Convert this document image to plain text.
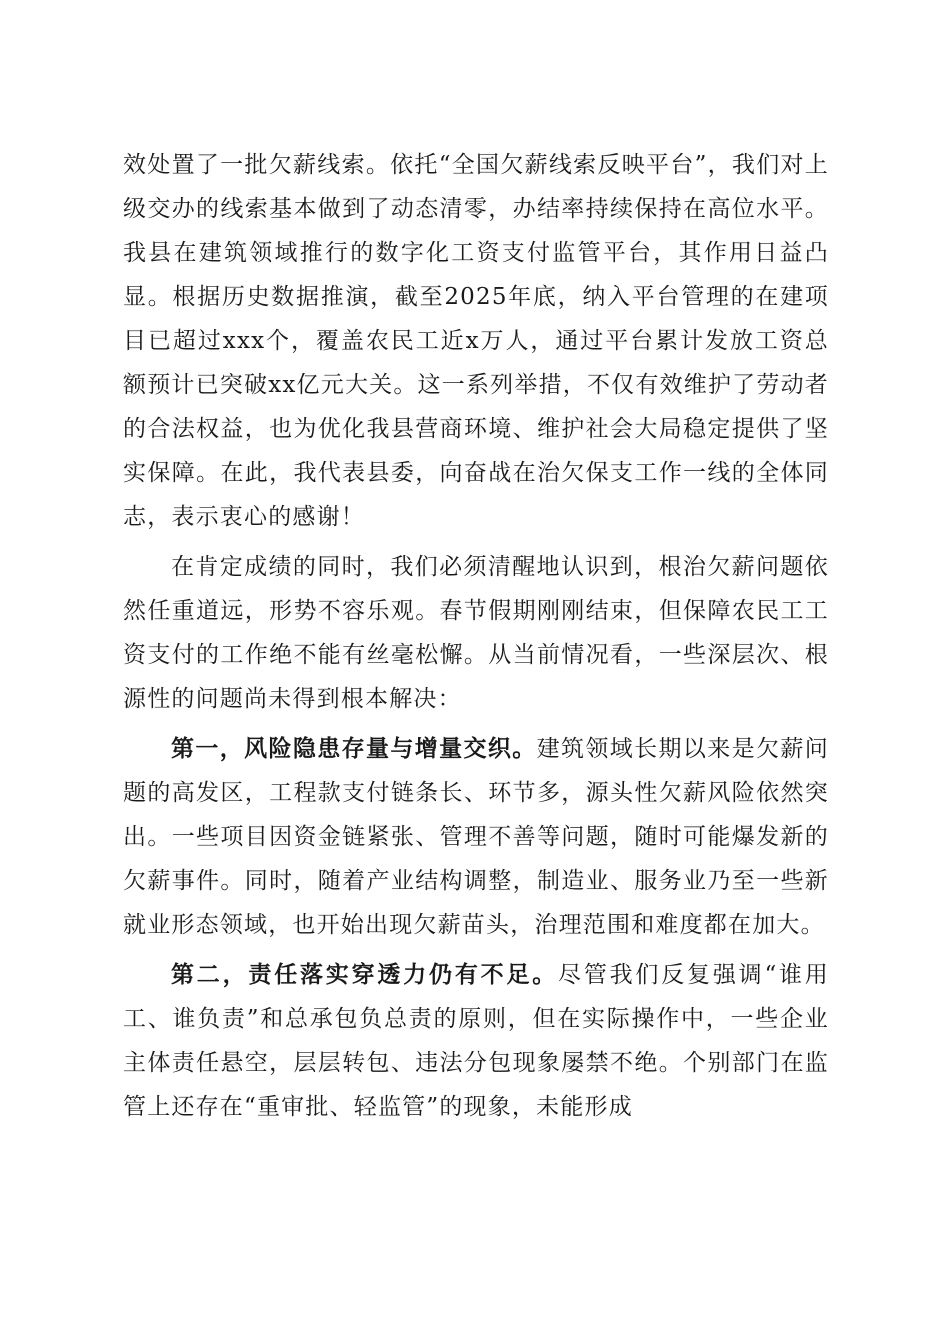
效处置了一批欠薪线索。依托“全国欠薪线索反映平台”，我们对上级交办的线索基本做到了动态清零，办结率持续保持在高位水平。我县在建筑领域推行的数字化工资支付监管平台，其作用日益凸显。根据历史数据推演，截至2025年底，纳入平台管理的在建项目已超过xxx个，覆盖农民工近x万人，通过平台累计发放工资总额预计已突破xx亿元大关。这一系列举措，不仅有效维护了劳动者的合法权益，也为优化我县营商环境、维护社会大局稳定提供了坚实保障。在此，我代表县委，向奋战在治欠保支工作一线的全体同志，表示衷心的感谢！

在肯定成绩的同时，我们必须清醒地认识到，根治欠薪问题依然任重道远，形势不容乐观。春节假期刚刚结束，但保障农民工工资支付的工作绝不能有丝毫松懈。从当前情况看，一些深层次、根源性的问题尚未得到根本解决：

第一，风险隐患存量与增量交织。建筑领域长期以来是欠薪问题的高发区，工程款支付链条长、环节多，源头性欠薪风险依然突出。一些项目因资金链紧张、管理不善等问题，随时可能爆发新的欠薪事件。同时，随着产业结构调整，制造业、服务业乃至一些新就业形态领域，也开始出现欠薪苗头，治理范围和难度都在加大。

第二，责任落实穿透力仍有不足。尽管我们反复强调“谁用工、谁负责”和总承包负总责的原则，但在实际操作中，一些企业主体责任悬空，层层转包、违法分包现象屡禁不绝。个别部门在监管上还存在“重审批、轻监管”的现象，未能形成
